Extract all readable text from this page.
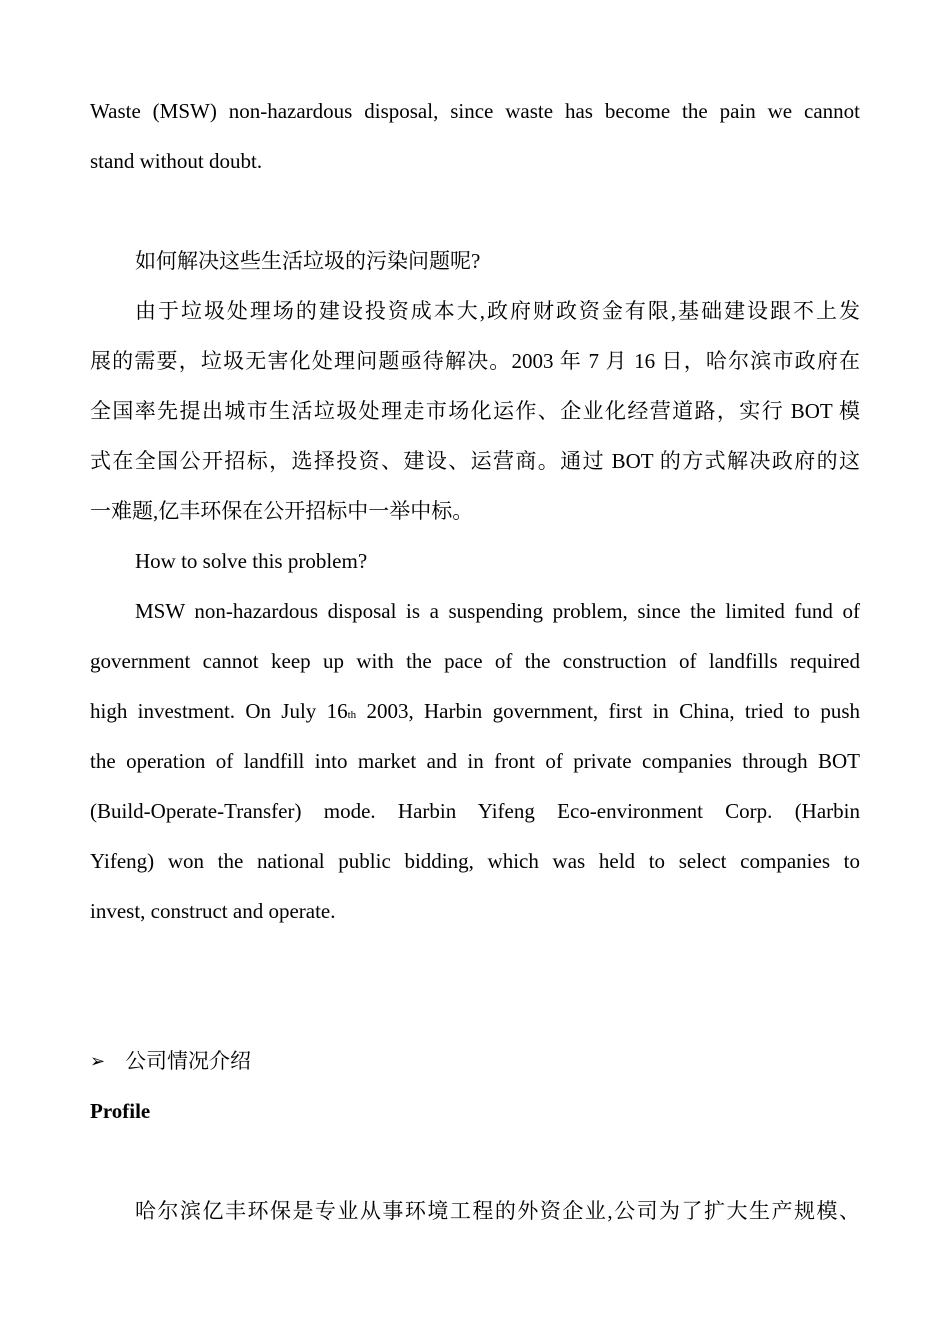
Waste (MSW) non-hazardous disposal, since waste has become the pain we cannot
stand without doubt.
如何解决这些生活垃圾的污染问题呢?
由于垃圾处理场的建设投资成本大,政府财政资金有限,基础建设跟不上发
展的需要，垃圾无害化处理问题亟待解决。2003 年 7 月 16 日，哈尔滨市政府在
全国率先提出城市生活垃圾处理走市场化运作、企业化经营道路，实行 BOT 模
式在全国公开招标，选择投资、建设、运营商。通过 BOT 的方式解决政府的这
一难题,亿丰环保在公开招标中一举中标。
How to solve this problem?
MSW non-hazardous disposal is a suspending problem, since the limited fund of
government cannot keep up with the pace of the construction of landfills required
high investment. On July 16th 2003, Harbin government, first in China, tried to push
the operation of landfill into market and in front of private companies through BOT
(Build-Operate-Transfer) mode. Harbin Yifeng Eco-environment Corp. (Harbin
Yifeng) won the national public bidding, which was held to select companies to
invest, construct and operate.
➢ 公司情况介绍
Profile
哈尔滨亿丰环保是专业从事环境工程的外资企业,公司为了扩大生产规模、
